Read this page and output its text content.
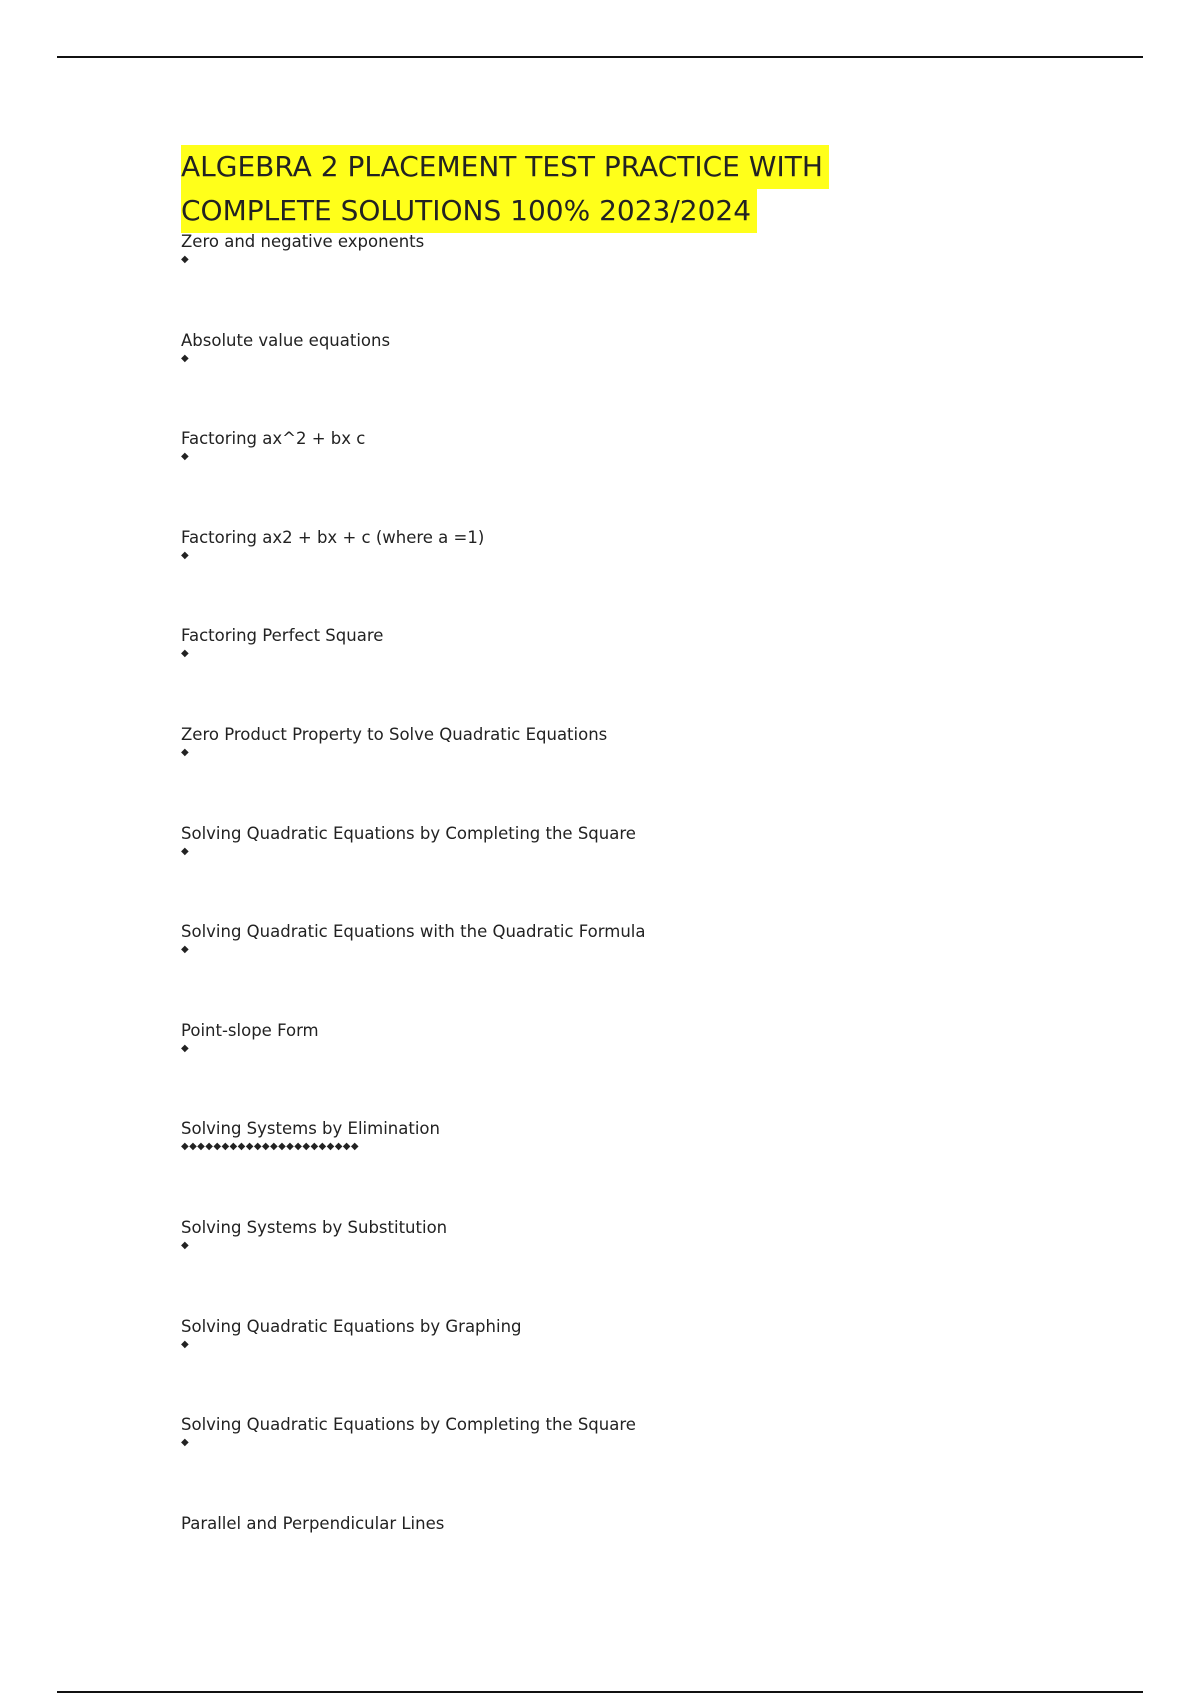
ALGEBRA 2 PLACEMENT TEST PRACTICE WITH
COMPLETE SOLUTIONS 100% 2023/2024
Zero and negative exponents
◆
Absolute value equations
◆
Factoring ax^2 + bx c
◆
Factoring ax2 + bx + c (where a =1)
◆
Factoring Perfect Square
◆
Zero Product Property to Solve Quadratic Equations
◆
Solving Quadratic Equations by Completing the Square
◆
Solving Quadratic Equations with the Quadratic Formula
◆
Point-slope Form
◆
Solving Systems by Elimination
◆◆◆◆◆◆◆◆◆◆◆◆◆◆◆◆◆◆◆◆◆◆
Solving Systems by Substitution
◆
Solving Quadratic Equations by Graphing
◆
Solving Quadratic Equations by Completing the Square
◆
Parallel and Perpendicular Lines
